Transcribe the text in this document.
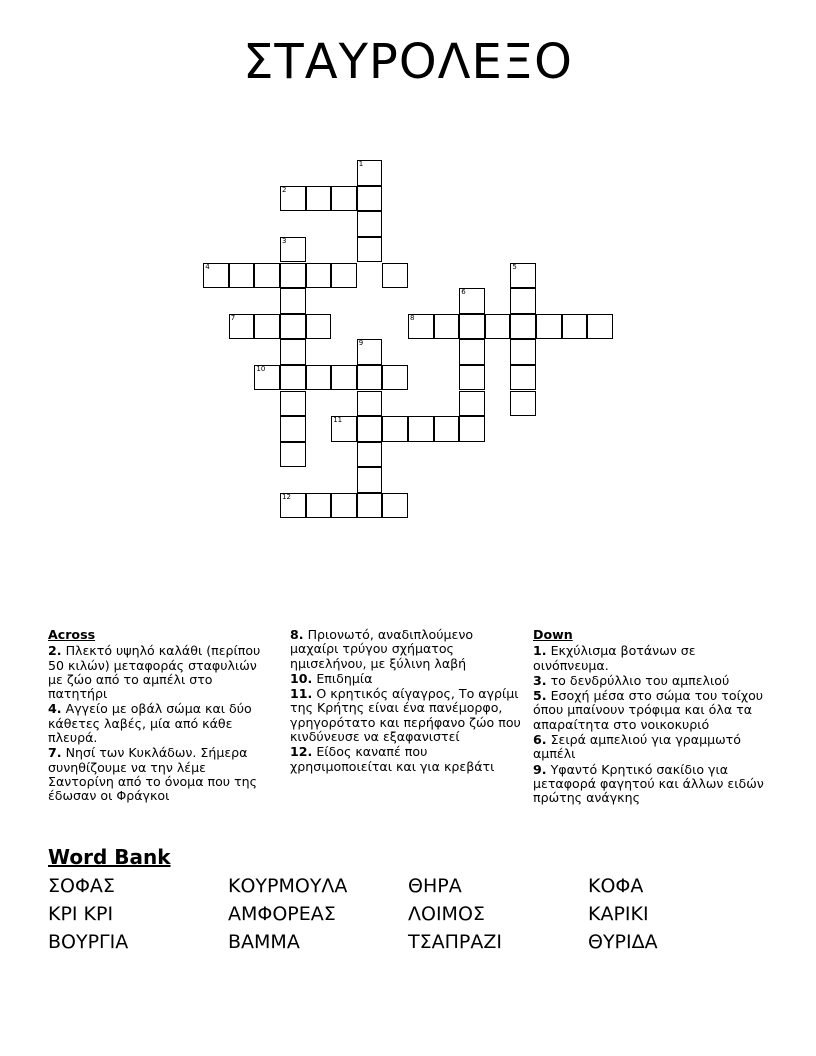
ΣΤΑΥΡΟΛΕΞΟ
1
2
3
4	5
6
7	8
9
10
11
12
Across
2. Πλεκτό υψηλό καλάθι (περίπου 50 κιλών) μεταφοράς σταφυλιών με ζώο από το αμπέλι στο πατητήρι
4. Αγγείο με οβάλ σώμα και δύο κάθετες λαβές, μία από κάθε πλευρά.
7. Νησί των Κυκλάδων. Σήμερα συνηθίζουμε να την λέμε Σαντορίνη από το όνομα που της έδωσαν οι Φράγκοι
8. Πριονωτό, αναδιπλούμενο μαχαίρι τρύγου σχήματος ημισελήνου, με ξύλινη λαβή
10. Επιδημία
11. Ο κρητικός αίγαγρος, Το αγρίμι της Κρήτης είναι ένα πανέμορφο, γρηγορότατο και περήφανο ζώο που κινδύνευσε να εξαφανιστεί
12. Είδος καναπέ που χρησιμοποιείται και για κρεβάτι
Down
1. Εκχύλισμα βοτάνων σε οινόπνευμα.
3. το δενδρύλλιο του αμπελιού
5. Εσοχή μέσα στο σώμα του τοίχου όπου μπαίνουν τρόφιμα και όλα τα απαραίτητα στο νοικοκυριό
6. Σειρά αμπελιού για γραμμωτό αμπέλι
9. Υφαντό Κρητικό σακίδιο για μεταφορά φαγητού και άλλων ειδών πρώτης ανάγκης
Word Bank
ΣΟΦΑΣ	ΚΟΥΡΜΟΥΛΑ	ΘΗΡΑ	ΚΟΦΑ
ΚΡΙ ΚΡΙ	ΑΜΦΟΡΕΑΣ	ΛΟΙΜΟΣ	ΚΑΡΙΚΙ
ΒΟΥΡΓΙΑ	ΒΑΜΜΑ	ΤΣΑΠΡΑΖΙ	ΘΥΡΙΔΑ
